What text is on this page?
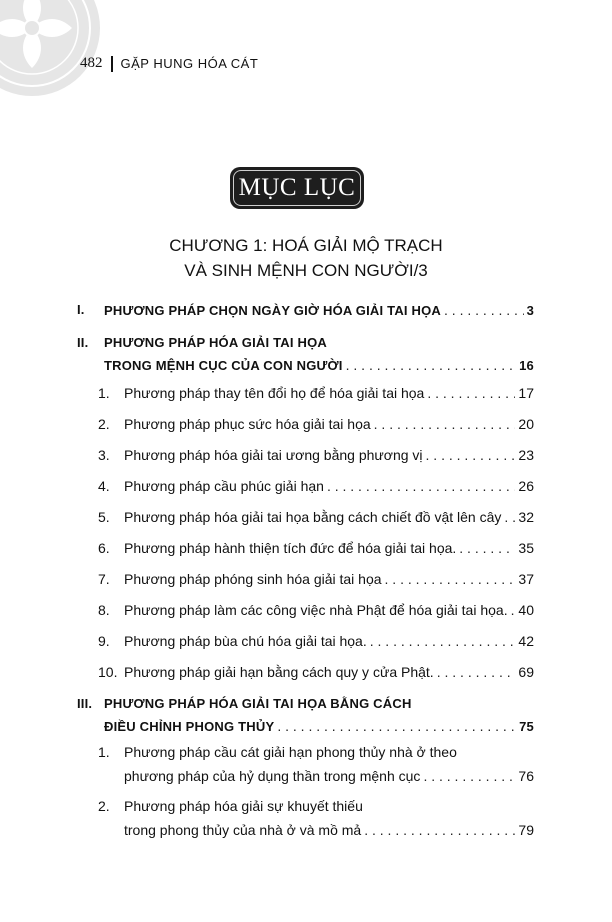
482 GẶP HUNG HÓA CÁT
MỤC LỤC
CHƯƠNG 1: HOÁ GIẢI MỘ TRẠCH
VÀ SINH MỆNH CON NGƯỜI/3
I. PHƯƠNG PHÁP CHỌN NGÀY GIỜ HÓA GIẢI TAI HỌA . . .	3
II. PHƯƠNG PHÁP HÓA GIẢI TAI HỌA
TRONG MỆNH CỤC CỦA CON NGƯỜI . . .	16
1. Phương pháp thay tên đổi họ để hóa giải tai họa . . .	17
2. Phương pháp phục sức hóa giải tai họa . . .	20
3. Phương pháp hóa giải tai ương bằng phương vị . . .	23
4. Phương pháp cầu phúc giải hạn . . .	26
5. Phương pháp hóa giải tai họa bằng cách chiết đồ vật lên cây . . . 32
6. Phương pháp hành thiện tích đức để hóa giải tai họa. . . .	35
7. Phương pháp phóng sinh hóa giải tai họa . . .	37
8. Phương pháp làm các công việc nhà Phật để hóa giải tai họa. . . . 40
9. Phương pháp bùa chú hóa giải tai họa. . . .	42
10. Phương pháp giải hạn bằng cách quy y cửa Phật. . . .	69
III. PHƯƠNG PHÁP HÓA GIẢI TAI HỌA BẰNG CÁCH
ĐIỀU CHỈNH PHONG THỦY . . .	75
1. Phương pháp cầu cát giải hạn phong thủy nhà ở theo
phương pháp của hỷ dụng thần trong mệnh cục . . .	76
2. Phương pháp hóa giải sự khuyết thiếu
trong phong thủy của nhà ở và mồ mả . . .	79
